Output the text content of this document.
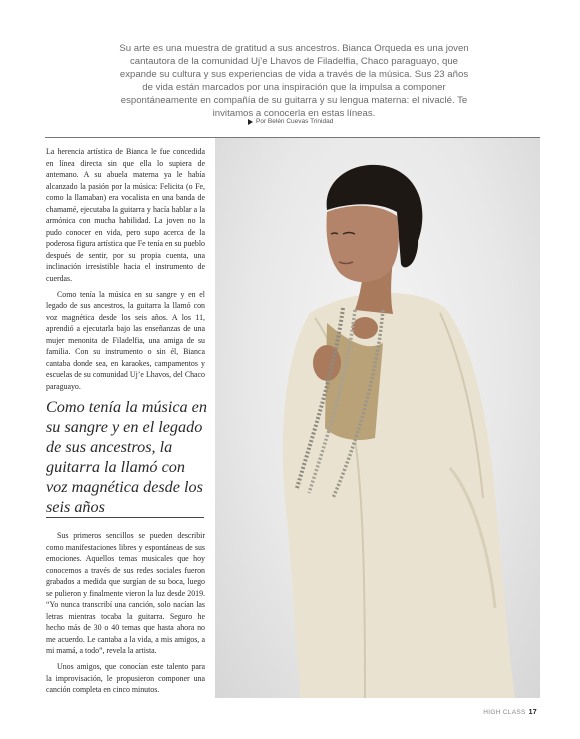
Su arte es una muestra de gratitud a sus ancestros. Bianca Orqueda es una joven cantautora de la comunidad Uj’e Lhavos de Filadelfia, Chaco paraguayo, que expande su cultura y sus experiencias de vida a través de la música. Sus 23 años de vida están marcados por una inspiración que la impulsa a componer espontáneamente en compañía de su guitarra y su lengua materna: el nivaclé. Te invitamos a conocerla en estas líneas.

Por Belén Cuevas Trinidad

La herencia artística de Bianca le fue concedida en línea directa sin que ella lo supiera de antemano. A su abuela materna ya le había alcanzado la pasión por la música: Felicita (o Fe, como la llamaban) era vocalista en una banda de chamamé, ejecutaba la guitarra y hacía hablar a la armónica con mucha habilidad. La joven no la pudo conocer en vida, pero supo acerca de la poderosa figura artística que Fe tenía en su pueblo después de sentir, por su propia cuenta, una inclinación irresistible hacia el instrumento de cuerdas.

Como tenía la música en su sangre y en el legado de sus ancestros, la guitarra la llamó con voz magnética desde los seis años. A los 11, aprendió a ejecutarla bajo las enseñanzas de una mujer menonita de Filadelfia, una amiga de su familia. Con su instrumento o sin él, Bianca cantaba donde sea, en karaokes, campamentos y escuelas de su comunidad Uj’e Lhavos, del Chaco paraguayo.

Como tenía la música en su sangre y en el legado de sus ancestros, la guitarra la llamó con voz magnética desde los seis años

Sus primeros sencillos se pueden describir como manifestaciones libres y espontáneas de sus emociones. Aquellos temas musicales que hoy conocemos a través de sus redes sociales fueron grabados a medida que surgían de su boca, luego se pulieron y finalmente vieron la luz desde 2019. “Yo nunca transcribí una canción, solo nacían las letras mientras tocaba la guitarra. Seguro he hecho más de 30 o 40 temas que hasta ahora no me acuerdo. Le cantaba a la vida, a mis amigos, a mi mamá, a todo”, revela la artista.

Unos amigos, que conocían este talento para la improvisación, le propusieron componer una canción completa en cinco minutos.

HIGH CLASS 17
